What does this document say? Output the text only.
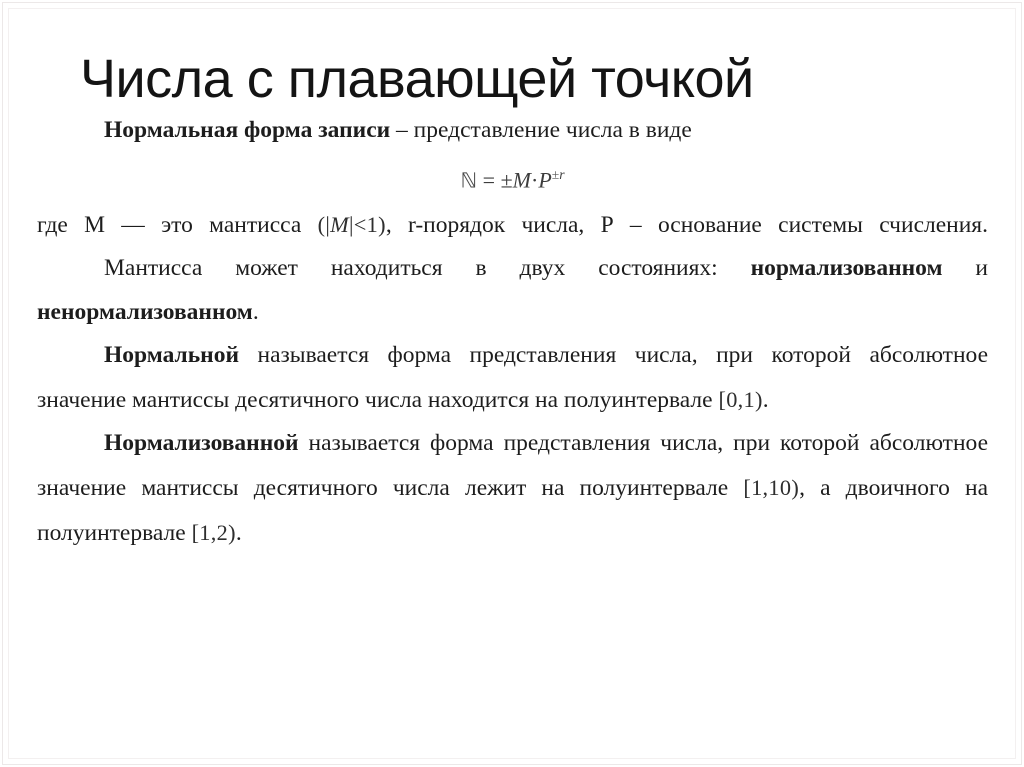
Числа с плавающей точкой

Нормальная форма записи – представление числа в виде

ℕ = $\pm M\cdot P^{\pm r}$

где М — это мантисса (|M|<1), r-порядок числа, Р – основание системы счисления.

Мантисса может находиться в двух состояниях: нормализованном и ненормализованном.

Нормальной называется форма представления числа, при которой абсолютное значение мантиссы десятичного числа находится на полуинтервале [0,1).

Нормализованной называется форма представления числа, при которой абсолютное значение мантиссы десятичного числа лежит на полуинтервале [1,10), а двоичного на полуинтервале [1,2).
